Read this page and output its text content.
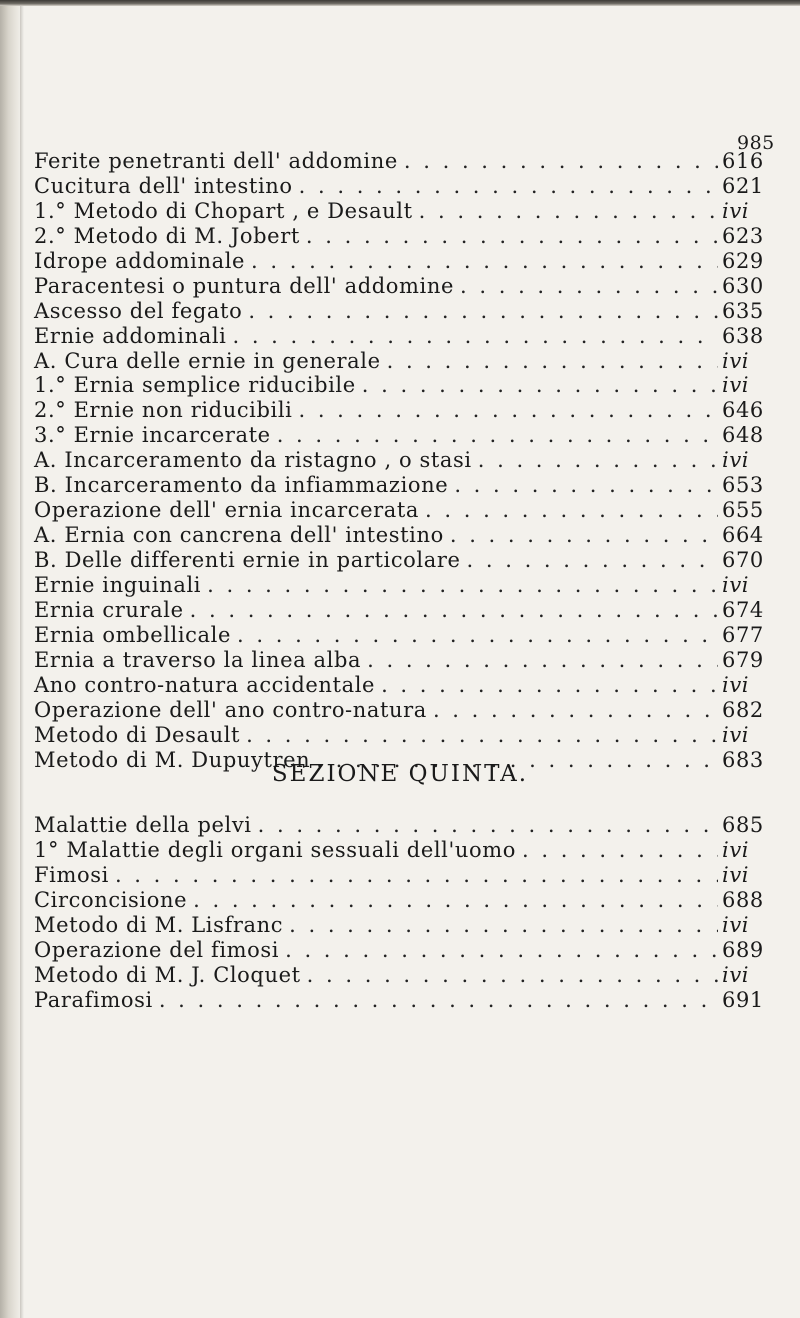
985
Ferite penetranti dell' addomine . . .	616
Cucitura dell' intestino . . .	621
1.° Metodo di Chopart , e Desault . . .	ivi
2.° Metodo di M. Jobert . . .	623
Idrope addominale . . .	629
Paracentesi o puntura dell' addomine . . .	630
Ascesso del fegato . . .	635
Ernie addominali . . .	638
A. Cura delle ernie in generale . . .	ivi
1.° Ernia semplice riducibile . . .	ivi
2.° Ernie non riducibili . . .	646
3.° Ernie incarcerate . . .	648
A. Incarceramento da ristagno , o stasi . . .	ivi
B. Incarceramento da infiammazione . . .	653
Operazione dell' ernia incarcerata . . .	655
A. Ernia con cancrena dell' intestino . . .	664
B. Delle differenti ernie in particolare . . .	670
Ernie inguinali . . .	ivi
Ernia crurale . . .	674
Ernia ombellicale . . .	677
Ernia a traverso la linea alba . . .	679
Ano contro-natura accidentale . . .	ivi
Operazione dell' ano contro-natura . . .	682
Metodo di Desault . . .	ivi
Metodo di M. Dupuytren . . .	683
SEZIONE QUINTA.
Malattie della pelvi . . .	685
1° Malattie degli organi sessuali dell'uomo . . .	ivi
Fimosi . . .	ivi
Circoncisione . . .	688
Metodo di M. Lisfranc . . .	ivi
Operazione del fimosi . . .	689
Metodo di M. J. Cloquet . . .	ivi
Parafimosi . . .	691
